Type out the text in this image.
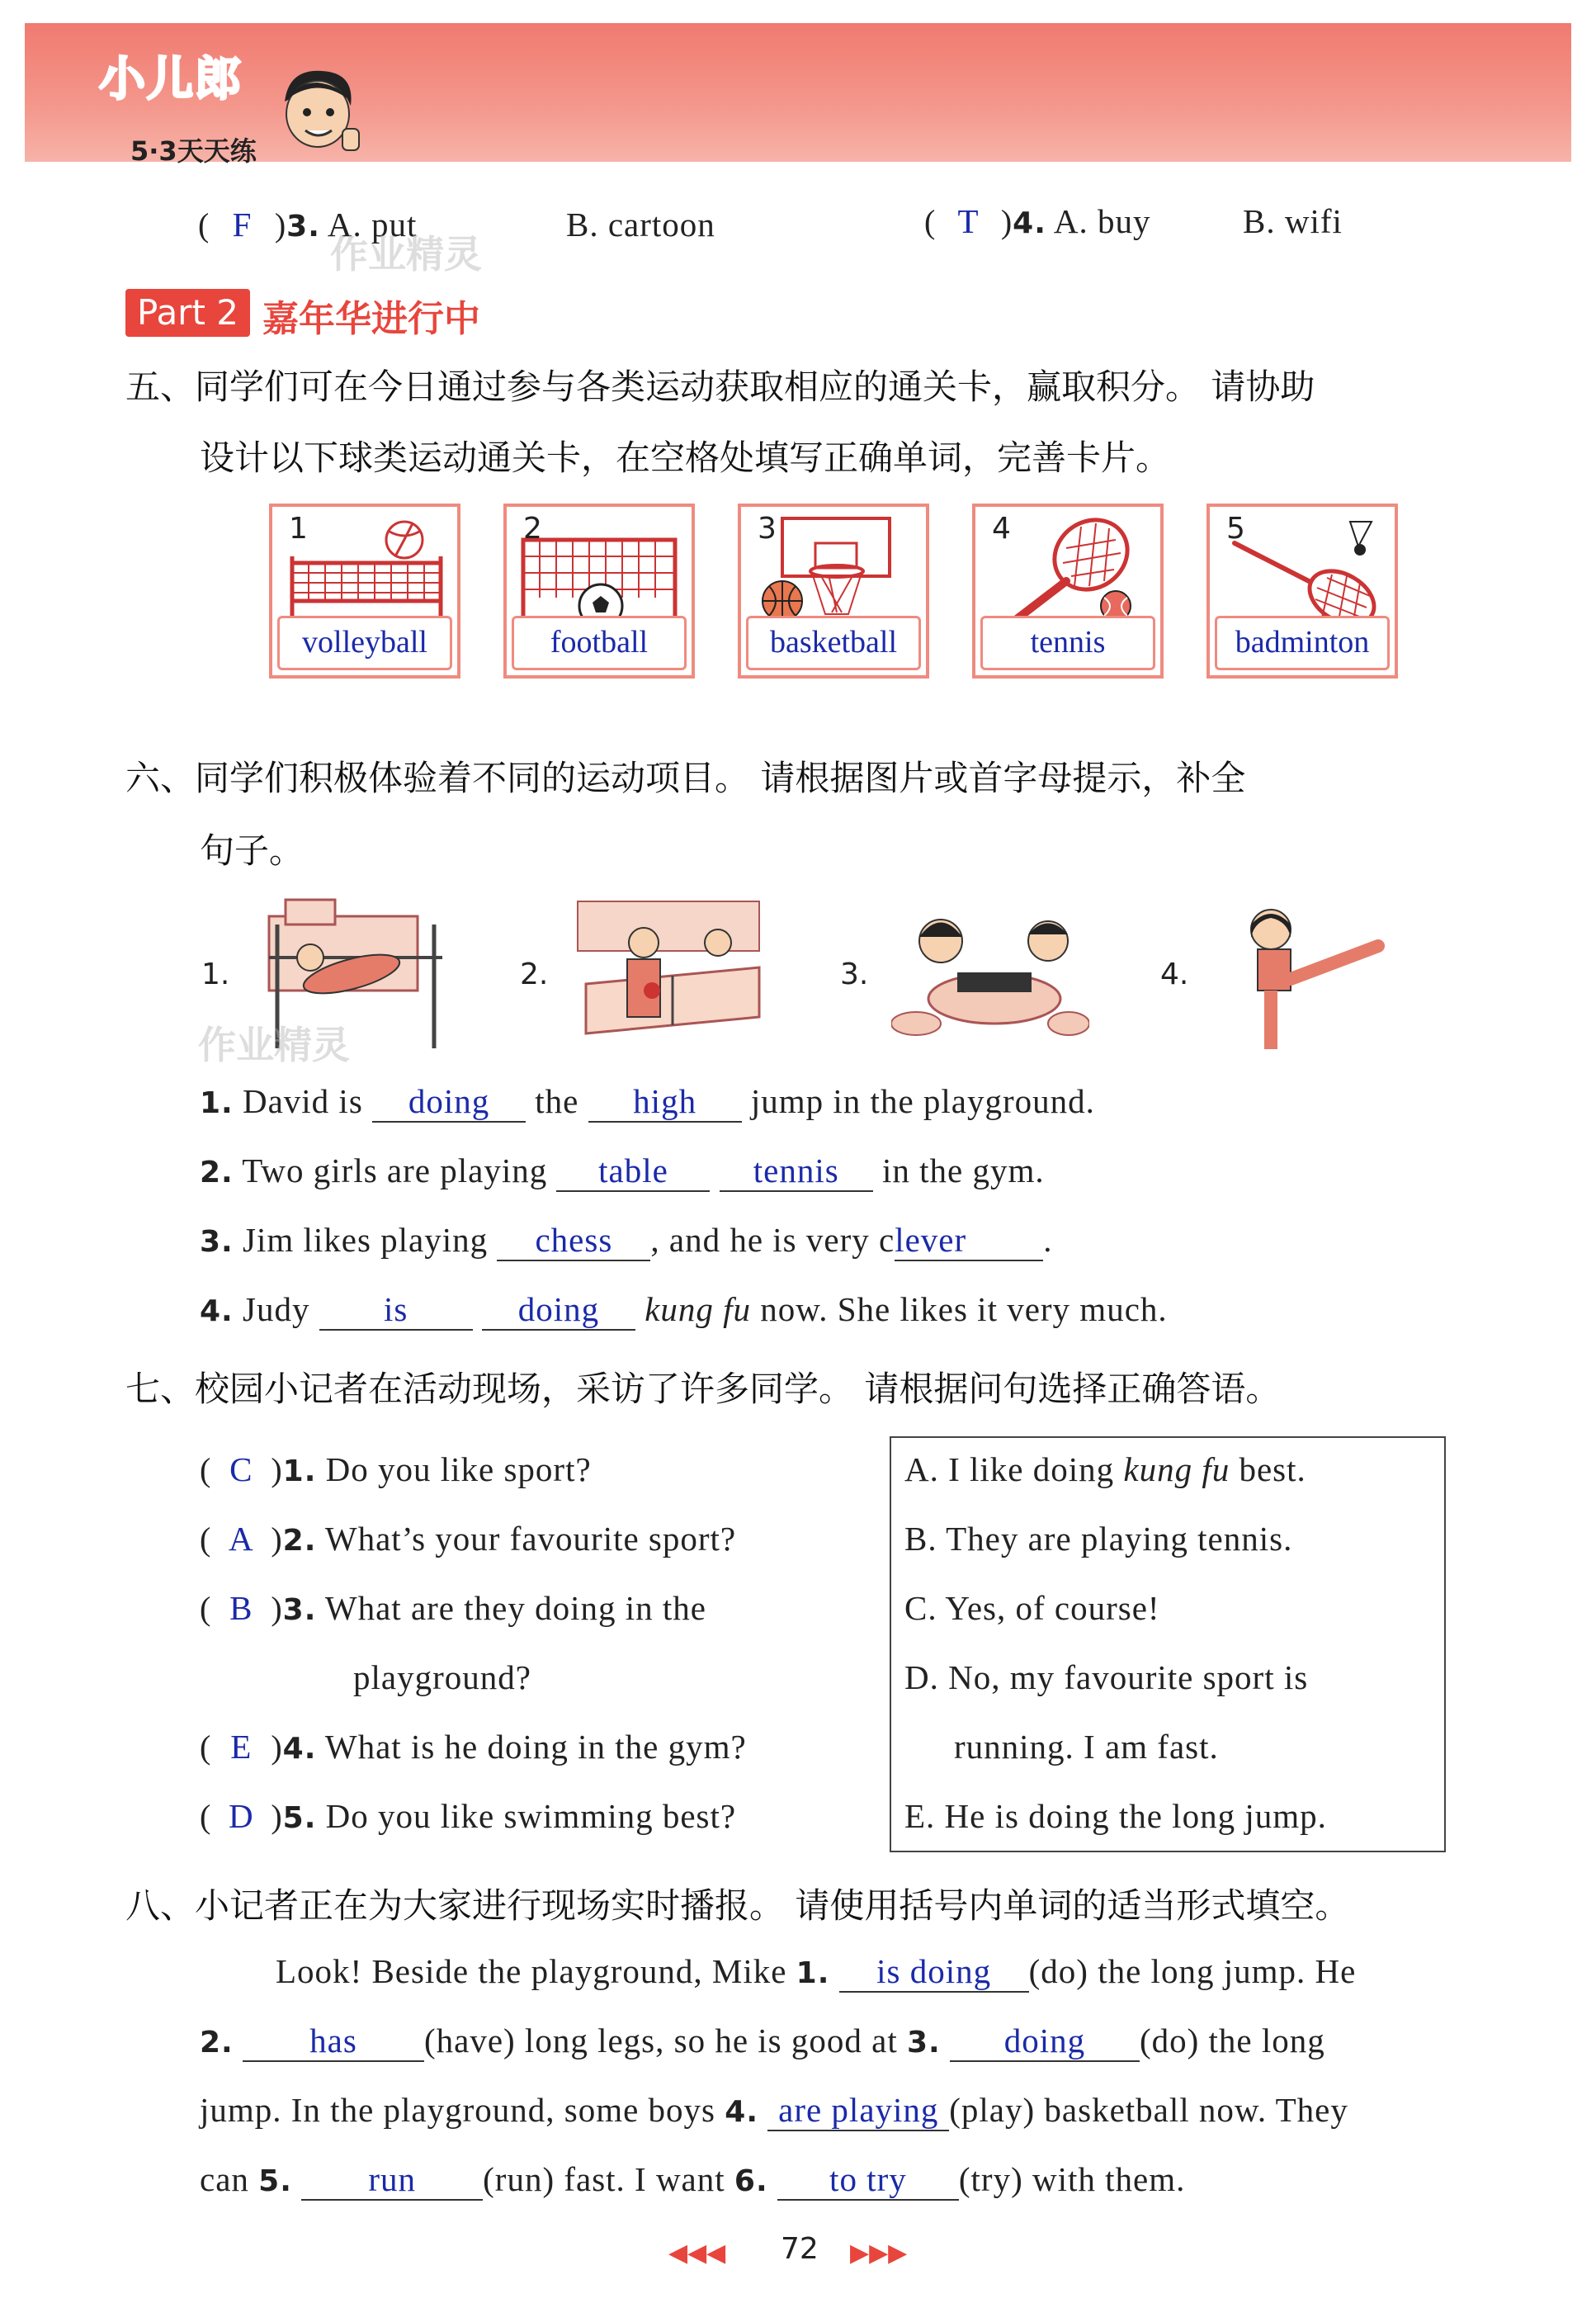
小儿郎
5·3天天练
( F )3. A. put	B. cartoon	( T )4. A. buy	B. wifi
作业精灵
Part 2 嘉年华进行中
五、同学们可在今日通过参与各类运动获取相应的通关卡，赢取积分。 请协助
设计以下球类运动通关卡，在空格处填写正确单词，完善卡片。
1
volleyball
2
football
3
basketball
4
tennis
5
badminton
六、同学们积极体验着不同的运动项目。 请根据图片或首字母提示，补全
句子。
1.
作业精灵
2.	3.	4.
1. David is doing the high jump in the playground.
2. Two girls are playing table	tennis in the gym.
3. Jim likes playing chess , and he is very clever .
4. Judy is	doing kung fu now. She likes it very much.
七、校园小记者在活动现场，采访了许多同学。 请根据问句选择正确答语。
( C )1. Do you like sport?
( A )2. What’s your favourite sport?
( B )3. What are they doing in the
playground?
( E )4. What is he doing in the gym?
( D )5. Do you like swimming best?
A. I like doing kung fu best.
B. They are playing tennis.
C. Yes, of course!
D. No, my favourite sport is
running. I am fast.
E. He is doing the long jump.
八、小记者正在为大家进行现场实时播报。 请使用括号内单词的适当形式填空。
Look! Beside the playground, Mike 1. is doing (do) the long jump. He
2. has (have) long legs, so he is good at 3. doing (do) the long
jump. In the playground, some boys 4. are playing (play) basketball now. They
can 5. run (run) fast. I want 6. to try (try) with them.
◀◀◀ 72 ▶▶▶
